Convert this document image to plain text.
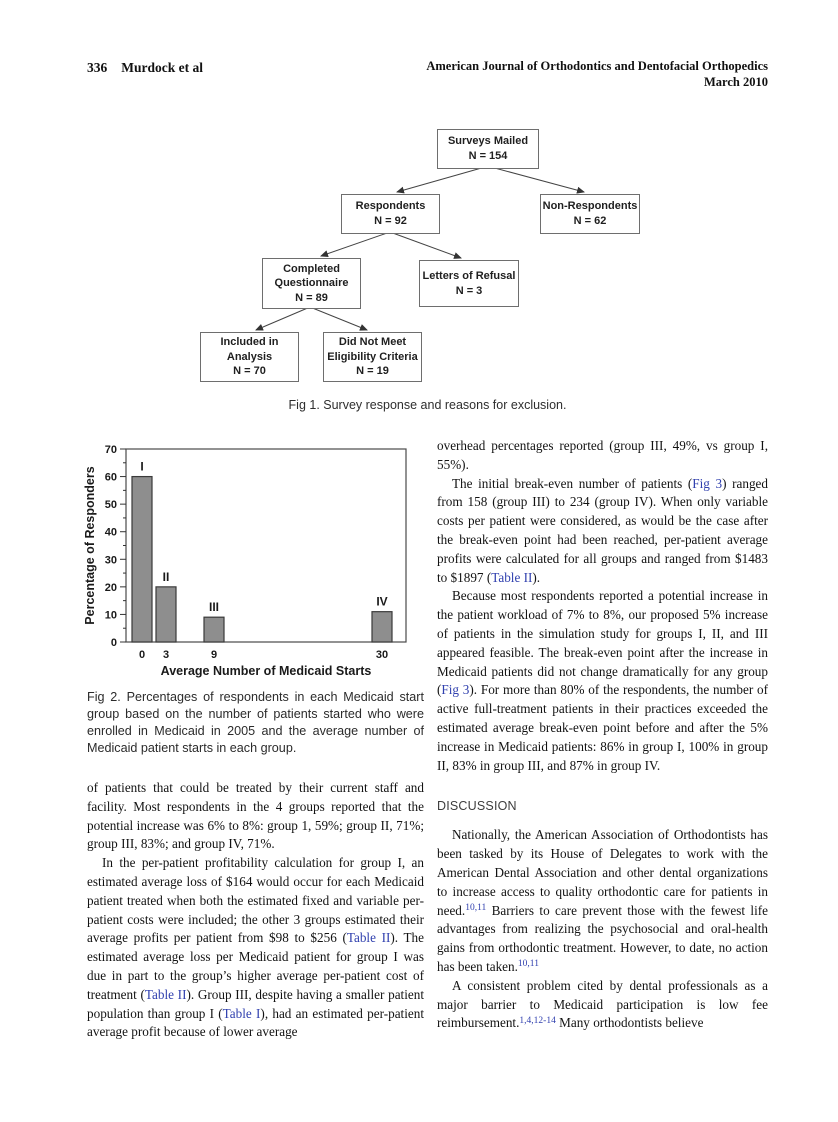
336 Murdock et al	American Journal of Orthodontics and Dentofacial Orthopedics
March 2010
Surveys Mailed
N = 154
Respondents
N = 92
Non-Respondents
N = 62
Completed
Questionnaire
N = 89
Letters of Refusal
N = 3
Included in
Analysis
N = 70
Did Not Meet
Eligibility Criteria
N = 19
Fig 1. Survey response and reasons for exclusion.
0
10
20
30
40
50
60
70
I
0
II
3
III
9
IV
30
Average Number of Medicaid Starts
Percentage of Responders
Fig 2. Percentages of respondents in each Medicaid start group based on the number of patients started who were enrolled in Medicaid in 2005 and the average number of Medicaid patient starts in each group.

of patients that could be treated by their current staff and facility. Most respondents in the 4 groups reported that the potential increase was 6% to 8%: group 1, 59%; group II, 71%; group III, 83%; and group IV, 71%.

In the per-patient profitability calculation for group I, an estimated average loss of $164 would occur for each Medicaid patient treated when both the estimated fixed and variable per-patient costs were included; the other 3 groups estimated their average profits per patient from $98 to $256 (Table II). The estimated average loss per Medicaid patient for group I was due in part to the group’s higher average per-patient cost of treatment (Table II). Group III, despite having a smaller patient population than group I (Table I), had an estimated per-patient average profit because of lower average

overhead percentages reported (group III, 49%, vs group I, 55%).

The initial break-even number of patients (Fig 3) ranged from 158 (group III) to 234 (group IV). When only variable costs per patient were considered, as would be the case after the break-even point had been reached, per-patient average profits were calculated for all groups and ranged from $1483 to $1897 (Table II).

Because most respondents reported a potential increase in the patient workload of 7% to 8%, our proposed 5% increase of patients in the simulation study for groups I, II, and III appeared feasible. The break-even point after the increase in Medicaid patients did not change dramatically for any group (Fig 3). For more than 80% of the respondents, the number of active full-treatment patients in their practices exceeded the estimated average break-even point before and after the 5% increase in Medicaid patients: 86% in group I, 100% in group II, 83% in group III, and 87% in group IV.

DISCUSSION

Nationally, the American Association of Orthodontists has been tasked by its House of Delegates to work with the American Dental Association and other dental organizations to increase access to quality orthodontic care for patients in need.$^{10,11}$ Barriers to care prevent those with the fewest life advantages from realizing the psychosocial and oral-health gains from orthodontic treatment. However, to date, no action has been taken.$^{10,11}$

A consistent problem cited by dental professionals as a major barrier to Medicaid participation is low fee reimbursement.$^{1,4,12-14}$ Many orthodontists believe
